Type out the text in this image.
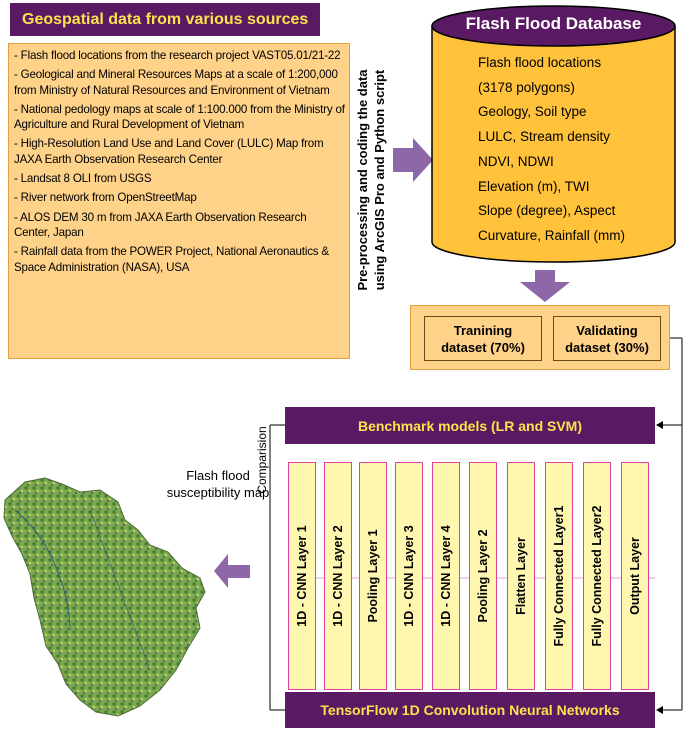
Geospatial data from various sources
- Flash flood locations from the research project VAST05.01/21-22
- Geological and Mineral Resources Maps at a scale of 1:200,000 from Ministry of Natural Resources and Environment of Vietnam
- National pedology maps at scale of 1:100.000 from the Ministry of Agriculture and Rural Development of Vietnam
- High-Resolution Land Use and Land Cover (LULC) Map from JAXA Earth Observation Research Center
- Landsat 8 OLI from USGS
- River network from OpenStreetMap
- ALOS DEM 30 m from JAXA Earth Observation Research Center, Japan
- Rainfall data from the POWER Project, National Aeronautics & Space Administration (NASA), USA	Pre-processing and coding the data using ArcGIS Pro and Python script
Flash Flood Database
Flash flood locations
(3178 polygons)
Geology, Soil type
LULC, Stream density
NDVI, NDWI
Elevation (m), TWI
Slope (degree), Aspect
Curvature, Rainfall (mm)
Tranining
dataset (70%)
Validating
dataset (30%)
Benchmark models (LR and SVM)
Comparision
1D - CNN Layer 1 1D - CNN Layer 2 Pooling Layer 1 1D - CNN Layer 3 1D - CNN Layer 4 Pooling Layer 2 Flatten Layer Fully Connected Layer1 Fully Connected Layer2 Output Layer
TensorFlow 1D Convolution Neural Networks
Flash flood
susceptibility map
